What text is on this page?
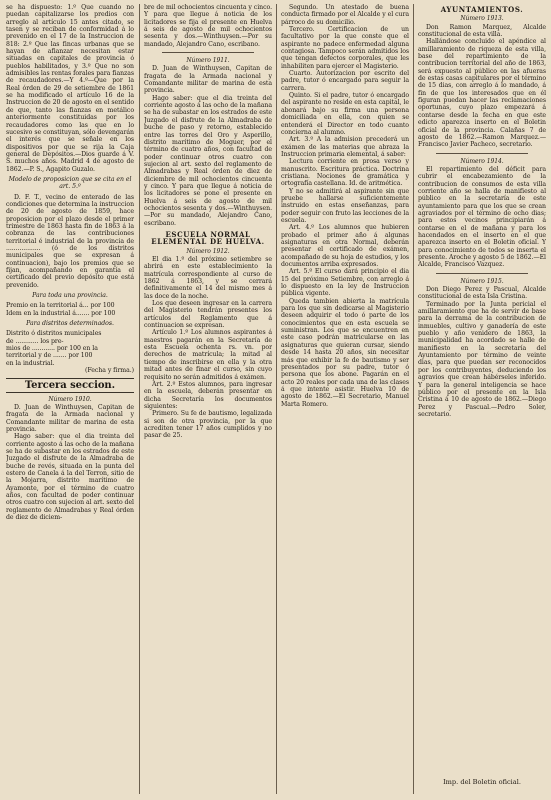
se ha dispuesto: 1.º Que cuando no puedan capitalizarse los predios con arreglo al artículo 15 antes citado, se tasen y se reciban de conformidad á lo prevenido en el 17 de la Instruccion de 818: 2.º Que las fincas urbanas que se hayan de afianzar necesitan estar situadas en capitales de provincia ó pueblos habilitados, y 3.º Que no son admisibles las rentas forales para fianzas de recaudadores.—Y 4.º—Que por la Real órden de 29 de setiembre de 1861 se ha modificado el artículo 16 de la Instruccion de 20 de agosto en el sentido de que, tanto las fianzas en metálico anteriormente constituidas por los recaudadores como las que en lo sucesivo se constituyan, sólo devengarán el interés que se señale en los dispositivos por que se rija la Caja general de Depósitos.—Dios guarde á V. S. muchos años. Madrid 4 de agosto de 1862.—P. S., Agapito Guzalo.

Modelo de proposicion que se cita en el art. 5.º

D. F. T., vecino de enterado de las condiciones que determina la instruccion de 20 de agosto de 1859, hace proposicion por el plazo desde el primer trimestre de 1863 hasta fin de 1863 á la cobranza de las contribuciones territorial é industrial de la provincia de .................. (ó de los distritos municipales que se expresan á continuacion), bajo los premios que se fijan, acompañando en garantía el certificado del previo depósito que está prevenido.

Para toda una provincia.

Premio en la territorial á... por 100

Idem en la industrial á....... por 100

Para distritos determinados.

Distrito ó distritos municipales

de ............ los pre-

mios de ............ por 100 en la

territorial y de ....... por 100

en la industrial.

(Fecha y firma.)

Tercera seccion.
Número 1910.

D. Juan de Winthuysen, Capitan de fragata de la Armada nacional y Comandante militar de marina de esta provincia.

Hago saber: que el dia treinta del corriente agosto á las ocho de la mañana se ha de subastar en los estrados de este Juzgado el disfrute de la Almadraba de buche de revés, situada en la punta del estero de Canela á la del Terron, sitio de la Mojarra, distrito marítimo de Ayamonte, por el término de cuatro años, con facultad de poder continuar otros cuatro con sujecion al art. sexto del reglamento de Almadrabas y Real órden de diez de diciem-

bre de mil ochocientos cincuenta y cinco. Y para que llegue á noticia de los licitadores se fija el presente en Huelva á seis de agosto de mil ochocientos sesenta y dos.—Winthuysen.—Por su mandado, Alejandro Cano, escribano.

Número 1911.

D. Juan de Winthuysen, Capitan de fragata de la Armada nacional y Comandante militar de marina de esta provincia.

Hago saber: que el dia treinta del corriente agosto á las ocho de la mañana se ha de subastar en los estrados de este Juzgado el disfrute de la Almadraba de buche de paso y retorno, establecido entre las torres del Oro y Asperillo, distrito marítimo de Moguer, por el término de cuatro años, con facultad de poder continuar otros cuatro con sujecion al art. sexto del reglamento de Almadrabas y Real órden de diez de diciembre de mil ochocientos cincuenta y cinco. Y para que llegue á noticia de los licitadores se pone el presente en Huelva á seis de agosto de mil ochocientos sesenta y dos.—Winthuysen.—Por su mandado, Alejandro Cano, escribano.

ESCUELA NORMAL ELEMENTAL DE HUELVA.
Número 1912.

El dia 1.º del próximo setiembre se abrirá en este establecimiento la matrícula correspondiente al curso de 1862 á 1863, y se cerrará definitivamente el 14 del mismo mes á las doce de la noche.

Los que deseen ingresar en la carrera del Magisterio tendrán presentes los artículos del Reglamento que á continuacion se expresan.

Artículo 1.º Los alumnos aspirantes á maestros pagarán en la Secretaría de esta Escuela ochenta rs. vn. por derechos de matrícula; la mitad al tiempo de inscribirse en ella y la otra mitad antes de finar el curso, sin cuyo requisito no serán admitidos á exámen.

Art. 2.º Estos alumnos, para ingresar en la escuela, deberán presentar en dicha Secretaría los documentos siguientes:

Primero. Su fe de bautismo, legalizada si son de otra provincia, por la que acrediten tener 17 años cumplidos y no pasar de 25.

Segundo. Un atestado de buena conducta firmado por el Alcalde y el cura párroco de su domicilio.

Tercero. Certificacion de un facultativo por la que conste que el aspirante no padece enfermedad alguna contagiosa. Tampoco serán admitidos los que tengan defectos corporales, que les inhabiliten para ejercer el Magisterio.

Cuarto. Autorizacion por escrito del padre, tutor ó encargado para seguir la carrera.

Quinto. Si el padre, tutor ó encargado del aspirante no reside en esta capital, le abonará bajo su firma una persona domiciliada en ella, con quien se entenderá el Director en todo cuanto concierna al alumno.

Art. 3.º A la admision precederá un exámen de las materias que abraza la Instruccion primaria elemental, á saber:

Lectura corriente en prosa verso y manuscrito. Escritura práctica. Doctrina cristiana. Nociones de gramática y ortografía castellana. Id. de aritmética.

Y no se admitirá al aspirante sin que pruebe hallarse suficientemente instruido en estas enseñanzas, para poder seguir con fruto las lecciones de la escuela.

Art. 4.º Los alumnos que hubieren probado el primer año á algunas asignaturas en otra Normal, deberán presentar el certificado de exámen, acompañado de su hoja de estudios, y los documentos arriba expresados.

Art. 5.º El curso dará principio el dia 15 del próximo Setiembre, con arreglo á lo dispuesto en la ley de Instruccion pública vigente.

Queda tambien abierta la matrícula para los que sin dedicarse al Magisterio deseen adquirir el todo ó parte de los conocimientos que en esta escuela se suministran. Los que se encuentren en este caso podrán matricularse en las asignaturas que quieran cursar, siendo desde 14 hasta 20 años, sin necesitar más que exhibir la fe de bautismo y ser presentados por su padre, tutor ó persona que los abone. Pagarán en el acto 20 reales por cada una de las clases á que intente asistir. Huelva 10 de agosto de 1862.—El Secretario, Manuel Marta Romero.

AYUNTAMIENTOS.
Número 1913.

Don Ramon Marquez, Alcalde constitucional de esta villa.

Hallándose concluido el apéndice al amillaramiento de riqueza de esta villa, base del repartimiento de la contribucion territorial del año de 1863, será expuesto al público en las afueras de estas casas capitulares por el término de 15 dias, con arreglo á lo mandado, á fin de que los interesados que en él figuran puedan hacer las reclamaciones oportunas, cuyo plazo empezará á contarse desde la fecha en que este edicto aparezca inserto en el Boletin oficial de la provincia. Calañas 7 de agosto de 1862.—Ramon Marquez.—Francisco Javier Pacheco, secretario.

Número 1914.

El repartimiento del déficit para cubrir el encabezamiento de la contribucion de consumos de esta villa corriente año se halla de manifiesto al público en la secretaría de este ayuntamiento para que los que se crean agraviados por el término de ocho dias; para estos vecinos principiarán á contarse en el de mañana y para los hacendados en el inserto en el que aparezca inserto en el Boletin oficial. Y para conocimiento de todos se inserta el presente. Aroche y agosto 5 de 1862.—El Alcalde, Francisco Vazquez.

Número 1915.

Don Diego Perez y Pascual, Alcalde constitucional de esta Isla Cristina.

Terminado por la Junta pericial el amillaramiento que ha de servir de base para la derrama de la contribucion de inmuebles, cultivo y ganadería de este pueblo y año venidero de 1863, la municipalidad ha acordado se halle de manifiesto en la secretaría del Ayuntamiento por término de veinte dias, para que puedan ser reconocidos por los contribuyentes, deduciendo los agravios que crean hábérseles inferido. Y para la general inteligencia se hace público por el presente en la Isla Cristina á 10 de agosto de 1862.—Diego Perez y Pascual.—Pedro Soler, secretario.

Imp. del Boletin oficial.
